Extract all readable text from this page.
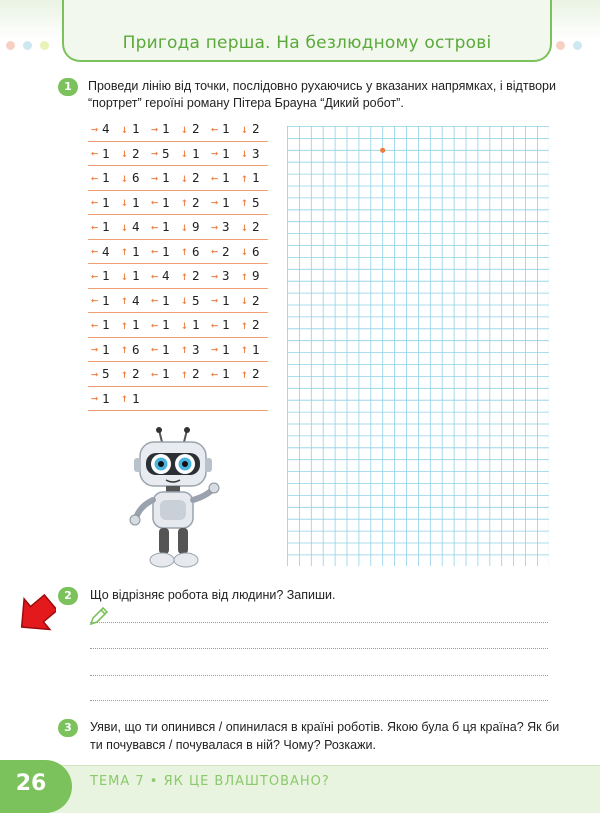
Пригода перша. На безлюдному острові
1	Проведи лінію від точки, послідовно рухаючись у вказаних напрямках, і відтвори
“портрет” героїні роману Пітера Брауна “Дикий робот”.
→ 4 ↓ 1 → 1 ↓ 2 ← 1 ↓ 2
← 1 ↓ 2 → 5 ↓ 1 → 1 ↓ 3
← 1 ↓ 6 → 1 ↓ 2 ← 1 ↑ 1
← 1 ↓ 1 ← 1 ↑ 2 → 1 ↑ 5
← 1 ↓ 4 ← 1 ↓ 9 → 3 ↓ 2
← 4 ↑ 1 ← 1 ↑ 6 ← 2 ↓ 6
← 1 ↓ 1 ← 4 ↑ 2 → 3 ↑ 9
← 1 ↑ 4 ← 1 ↓ 5 → 1 ↓ 2
← 1 ↑ 1 ← 1 ↓ 1 ← 1 ↑ 2
→ 1 ↑ 6 ← 1 ↑ 3 → 1 ↑ 1
→ 5 ↑ 2 ← 1 ↑ 2 ← 1 ↑ 2
→ 1 ↑ 1
2	Що відрізняє робота від людини? Запиши.
3	Уяви, що ти опинився / опинилася в країні роботів. Якою була б ця країна? Як би
ти почувався / почувалася в ній? Чому? Розкажи.
26	ТЕМА 7 • ЯК ЦЕ ВЛАШТОВАНО?
